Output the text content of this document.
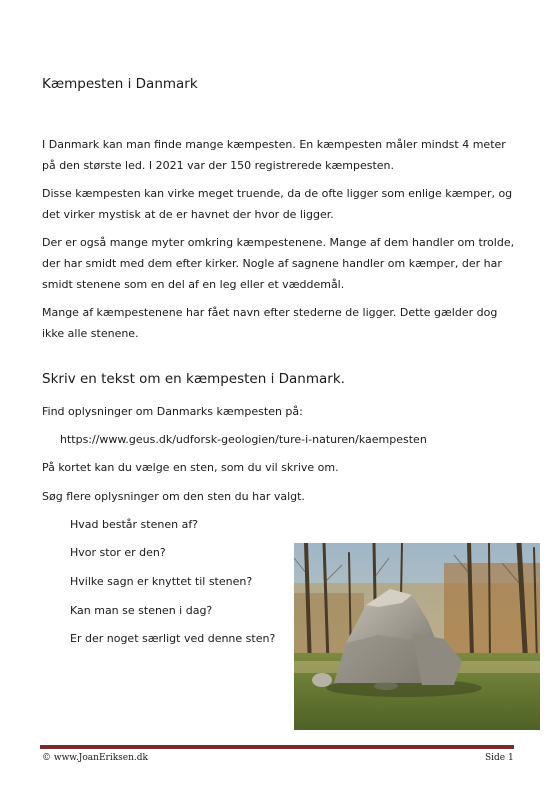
Kæmpesten i Danmark

I Danmark kan man finde mange kæmpesten. En kæmpesten måler mindst 4 meter på den største led. I 2021 var der 150 registrerede kæmpesten.

Disse kæmpesten kan virke meget truende, da de ofte ligger som enlige kæmper, og det virker mystisk at de er havnet der hvor de ligger.

Der er også mange myter omkring kæmpestenene. Mange af dem handler om trolde, der har smidt med dem efter kirker. Nogle af sagnene handler om kæmper, der har smidt stenene som en del af en leg eller et væddemål.

Mange af kæmpestenene har fået navn efter stederne de ligger. Dette gælder dog ikke alle stenene.

Skriv en tekst om en kæmpesten i Danmark.

Find oplysninger om Danmarks kæmpesten på:

https://www.geus.dk/udforsk-geologien/ture-i-naturen/kaempesten

På kortet kan du vælge en sten, som du vil skrive om.

Søg flere oplysninger om den sten du har valgt.

Hvad består stenen af?

Hvor stor er den?

Hvilke sagn er knyttet til stenen?

Kan man se stenen i dag?

Er der noget særligt ved denne sten?

© www.JoanEriksen.dk	Side 1
